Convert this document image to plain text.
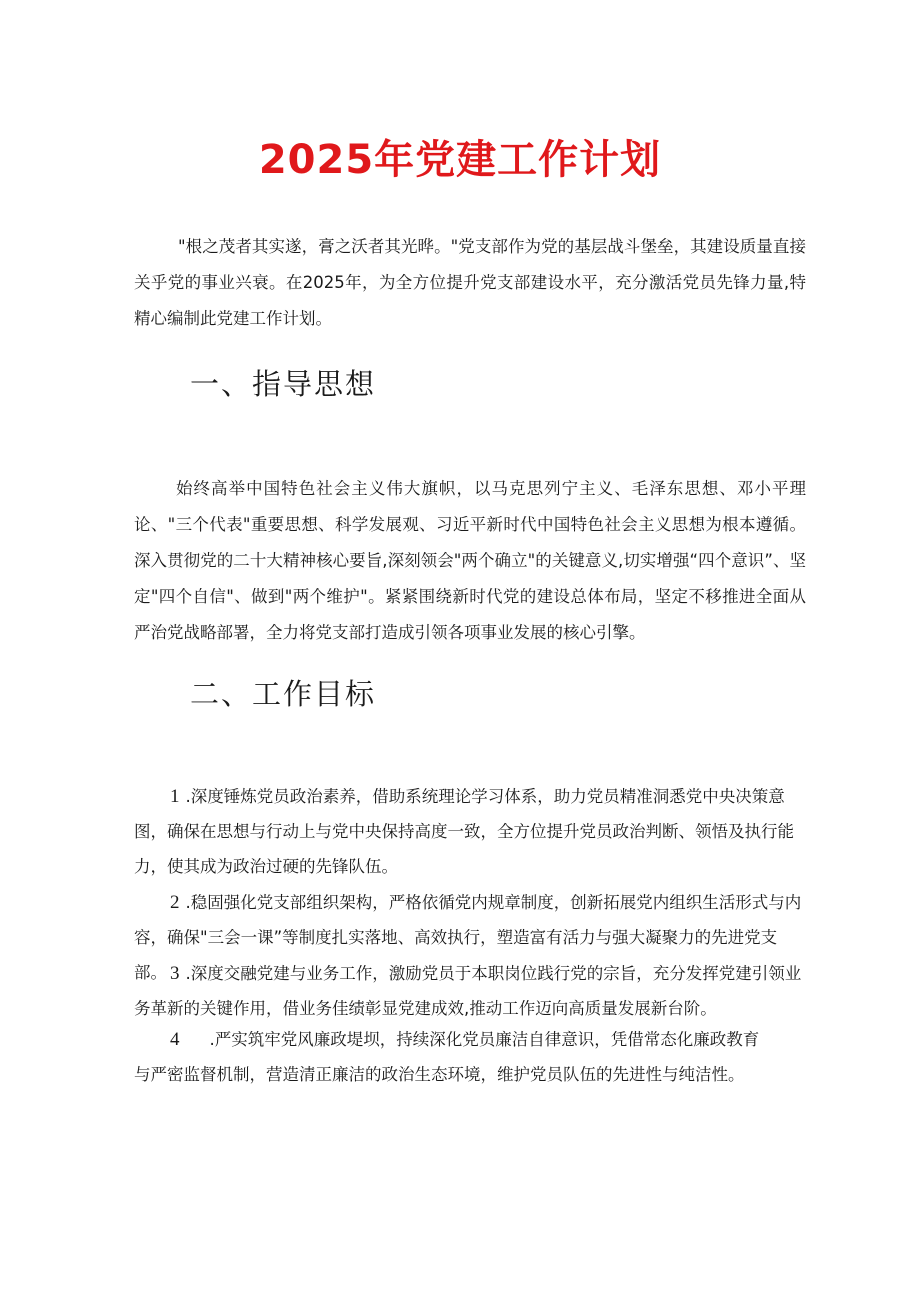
2025年党建工作计划

"根之茂者其实遂，膏之沃者其光晔。"党支部作为党的基层战斗堡垒，其建设质量直接关乎党的事业兴衰。在2025年，为全方位提升党支部建设水平，充分激活党员先锋力量,特精心编制此党建工作计划。

一、指导思想

始终高举中国特色社会主义伟大旗帜，以马克思列宁主义、毛泽东思想、邓小平理论、"三个代表"重要思想、科学发展观、习近平新时代中国特色社会主义思想为根本遵循。深入贯彻党的二十大精神核心要旨,深刻领会"两个确立"的关键意义,切实增强“四个意识”、坚定"四个自信"、做到"两个维护"。紧紧围绕新时代党的建设总体布局，坚定不移推进全面从严治党战略部署，全力将党支部打造成引领各项事业发展的核心引擎。

二、工作目标

1 .深度锤炼党员政治素养，借助系统理论学习体系，助力党员精准洞悉党中央决策意图，确保在思想与行动上与党中央保持高度一致，全方位提升党员政治判断、领悟及执行能力，使其成为政治过硬的先锋队伍。

2 .稳固强化党支部组织架构，严格依循党内规章制度，创新拓展党内组织生活形式与内容，确保"三会一课”等制度扎实落地、高效执行，塑造富有活力与强大凝聚力的先进党支部。 3 .深度交融党建与业务工作，激励党员于本职岗位践行党的宗旨，充分发挥党建引领业务革新的关键作用，借业务佳绩彰显党建成效,推动工作迈向高质量发展新台阶。

4 .严实筑牢党风廉政堤坝，持续深化党员廉洁自律意识，凭借常态化廉政教育与严密监督机制，营造清正廉洁的政治生态环境，维护党员队伍的先进性与纯洁性。
